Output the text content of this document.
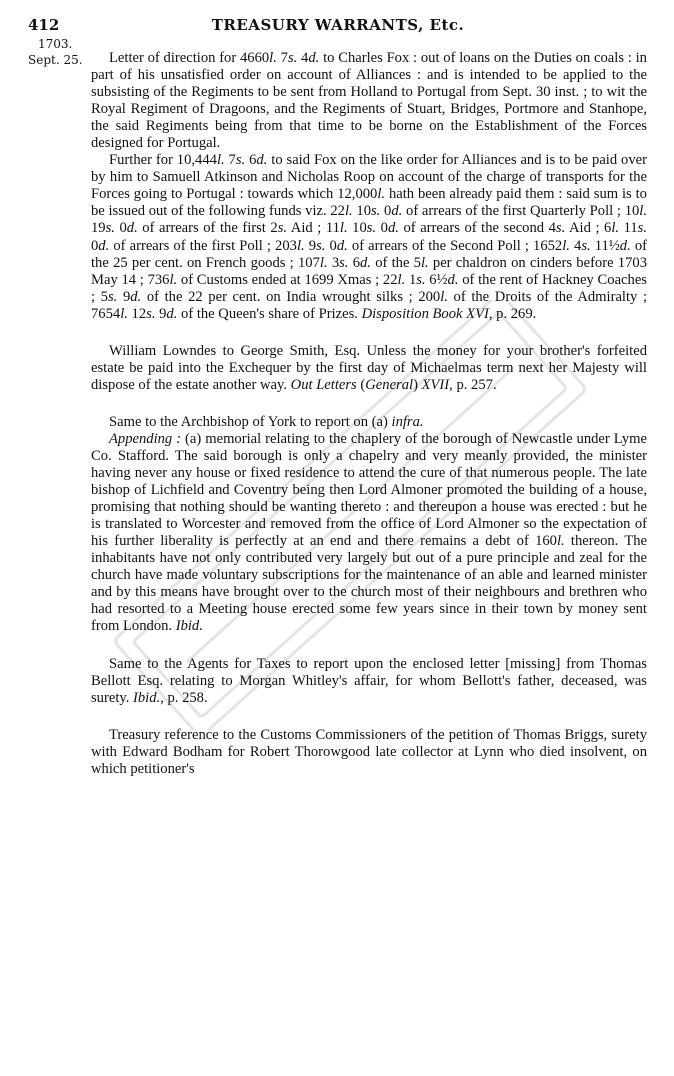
412	TREASURY WARRANTS, Etc.
1703.
Sept. 25.	Letter of direction for 4660l. 7s. 4d. to Charles Fox : out of loans on the Duties on coals : in part of his unsatisfied order on account of Alliances : and is intended to be applied to the subsisting of the Regiments to be sent from Holland to Portugal from Sept. 30 inst. ; to wit the Royal Regiment of Dragoons, and the Regiments of Stuart, Bridges, Portmore and Stanhope, the said Regiments being from that time to be borne on the Establishment of the Forces designed for Portugal.

Further for 10,444l. 7s. 6d. to said Fox on the like order for Alliances and is to be paid over by him to Samuell Atkinson and Nicholas Roop on account of the charge of transports for the Forces going to Portugal : towards which 12,000l. hath been already paid them : said sum is to be issued out of the following funds viz. 22l. 10s. 0d. of arrears of the first Quarterly Poll ; 10l. 19s. 0d. of arrears of the first 2s. Aid ; 11l. 10s. 0d. of arrears of the second 4s. Aid ; 6l. 11s. 0d. of arrears of the first Poll ; 203l. 9s. 0d. of arrears of the Second Poll ; 1652l. 4s. 11½d. of the 25 per cent. on French goods ; 107l. 3s. 6d. of the 5l. per chaldron on cinders before 1703 May 14 ; 736l. of Customs ended at 1699 Xmas ; 22l. 1s. 6½d. of the rent of Hackney Coaches ; 5s. 9d. of the 22 per cent. on India wrought silks ; 200l. of the Droits of the Admiralty ; 7654l. 12s. 9d. of the Queen's share of Prizes. Disposition Book XVI, p. 269.

William Lowndes to George Smith, Esq. Unless the money for your brother's forfeited estate be paid into the Exchequer by the first day of Michaelmas term next her Majesty will dispose of the estate another way. Out Letters (General) XVII, p. 257.

Same to the Archbishop of York to report on (a) infra.

Appending : (a) memorial relating to the chaplery of the borough of Newcastle under Lyme Co. Stafford. The said borough is only a chapelry and very meanly provided, the minister having never any house or fixed residence to attend the cure of that numerous people. The late bishop of Lichfield and Coventry being then Lord Almoner promoted the building of a house, promising that nothing should be wanting thereto : and thereupon a house was erected : but he is translated to Worcester and removed from the office of Lord Almoner so the expectation of his further liberality is perfectly at an end and there remains a debt of 160l. thereon. The inhabitants have not only contributed very largely but out of a pure principle and zeal for the church have made voluntary subscriptions for the maintenance of an able and learned minister and by this means have brought over to the church most of their neighbours and brethren who had resorted to a Meeting house erected some few years since in their town by money sent from London. Ibid.

Same to the Agents for Taxes to report upon the enclosed letter [missing] from Thomas Bellott Esq. relating to Morgan Whitley's affair, for whom Bellott's father, deceased, was surety. Ibid., p. 258.

Treasury reference to the Customs Commissioners of the petition of Thomas Briggs, surety with Edward Bodham for Robert Thorowgood late collector at Lynn who died insolvent, on which petitioner's
